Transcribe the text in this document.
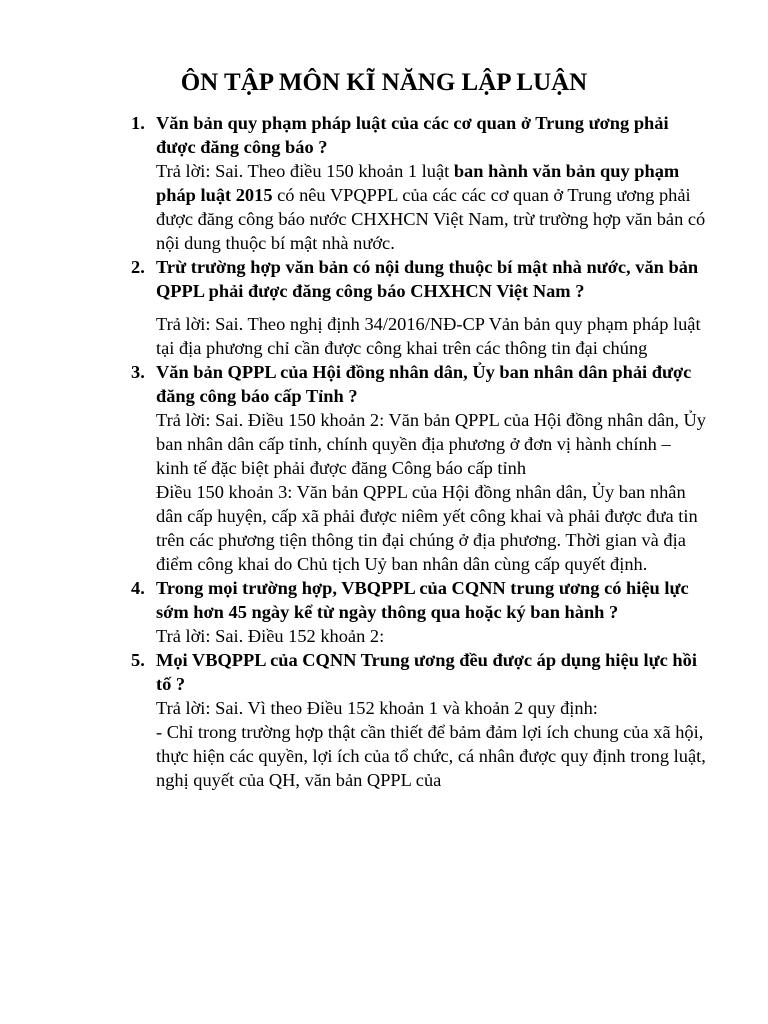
ÔN TẬP MÔN KĨ NĂNG LẬP LUẬN
1. Văn bản quy phạm pháp luật của các cơ quan ở Trung ương phải được đăng công báo ?

Trả lời: Sai. Theo điều 150 khoản 1 luật ban hành văn bản quy phạm pháp luật 2015 có nêu VPQPPL của các các cơ quan ở Trung ương phải được đăng công báo nước CHXHCN Việt Nam, trừ trường hợp văn bản có nội dung thuộc bí mật nhà nước.

2. Trừ trường hợp văn bản có nội dung thuộc bí mật nhà nước, văn bản QPPL phải được đăng công báo CHXHCN Việt Nam ?

Trả lời: Sai. Theo nghị định 34/2016/NĐ-CP Vản bản quy phạm pháp luật tại địa phương chỉ cần được công khai trên các thông tin đại chúng

3. Văn bản QPPL của Hội đồng nhân dân, Ủy ban nhân dân phải được đăng công báo cấp Tỉnh ?

Trả lời: Sai. Điều 150 khoản 2: Văn bản QPPL của Hội đồng nhân dân, Ủy ban nhân dân cấp tỉnh, chính quyền địa phương ở đơn vị hành chính – kinh tế đặc biệt phải được đăng Công báo cấp tỉnh

Điều 150 khoản 3: Văn bản QPPL của Hội đồng nhân dân, Ủy ban nhân dân cấp huyện, cấp xã phải được niêm yết công khai và phải được đưa tin trên các phương tiện thông tin đại chúng ở địa phương. Thời gian và địa điểm công khai do Chủ tịch Uỷ ban nhân dân cùng cấp quyết định.

4. Trong mọi trường hợp, VBQPPL của CQNN trung ương có hiệu lực sớm hơn 45 ngày kể từ ngày thông qua hoặc ký ban hành ?

Trả lời: Sai. Điều 152 khoản 2:

5. Mọi VBQPPL của CQNN Trung ương đều được áp dụng hiệu lực hồi tố ?

Trả lời: Sai. Vì theo Điều 152 khoản 1 và khoản 2 quy định:

- Chỉ trong trường hợp thật cần thiết để bảm đảm lợi ích chung của xã hội, thực hiện các quyền, lợi ích của tổ chức, cá nhân được quy định trong luật, nghị quyết của QH, văn bản QPPL của
